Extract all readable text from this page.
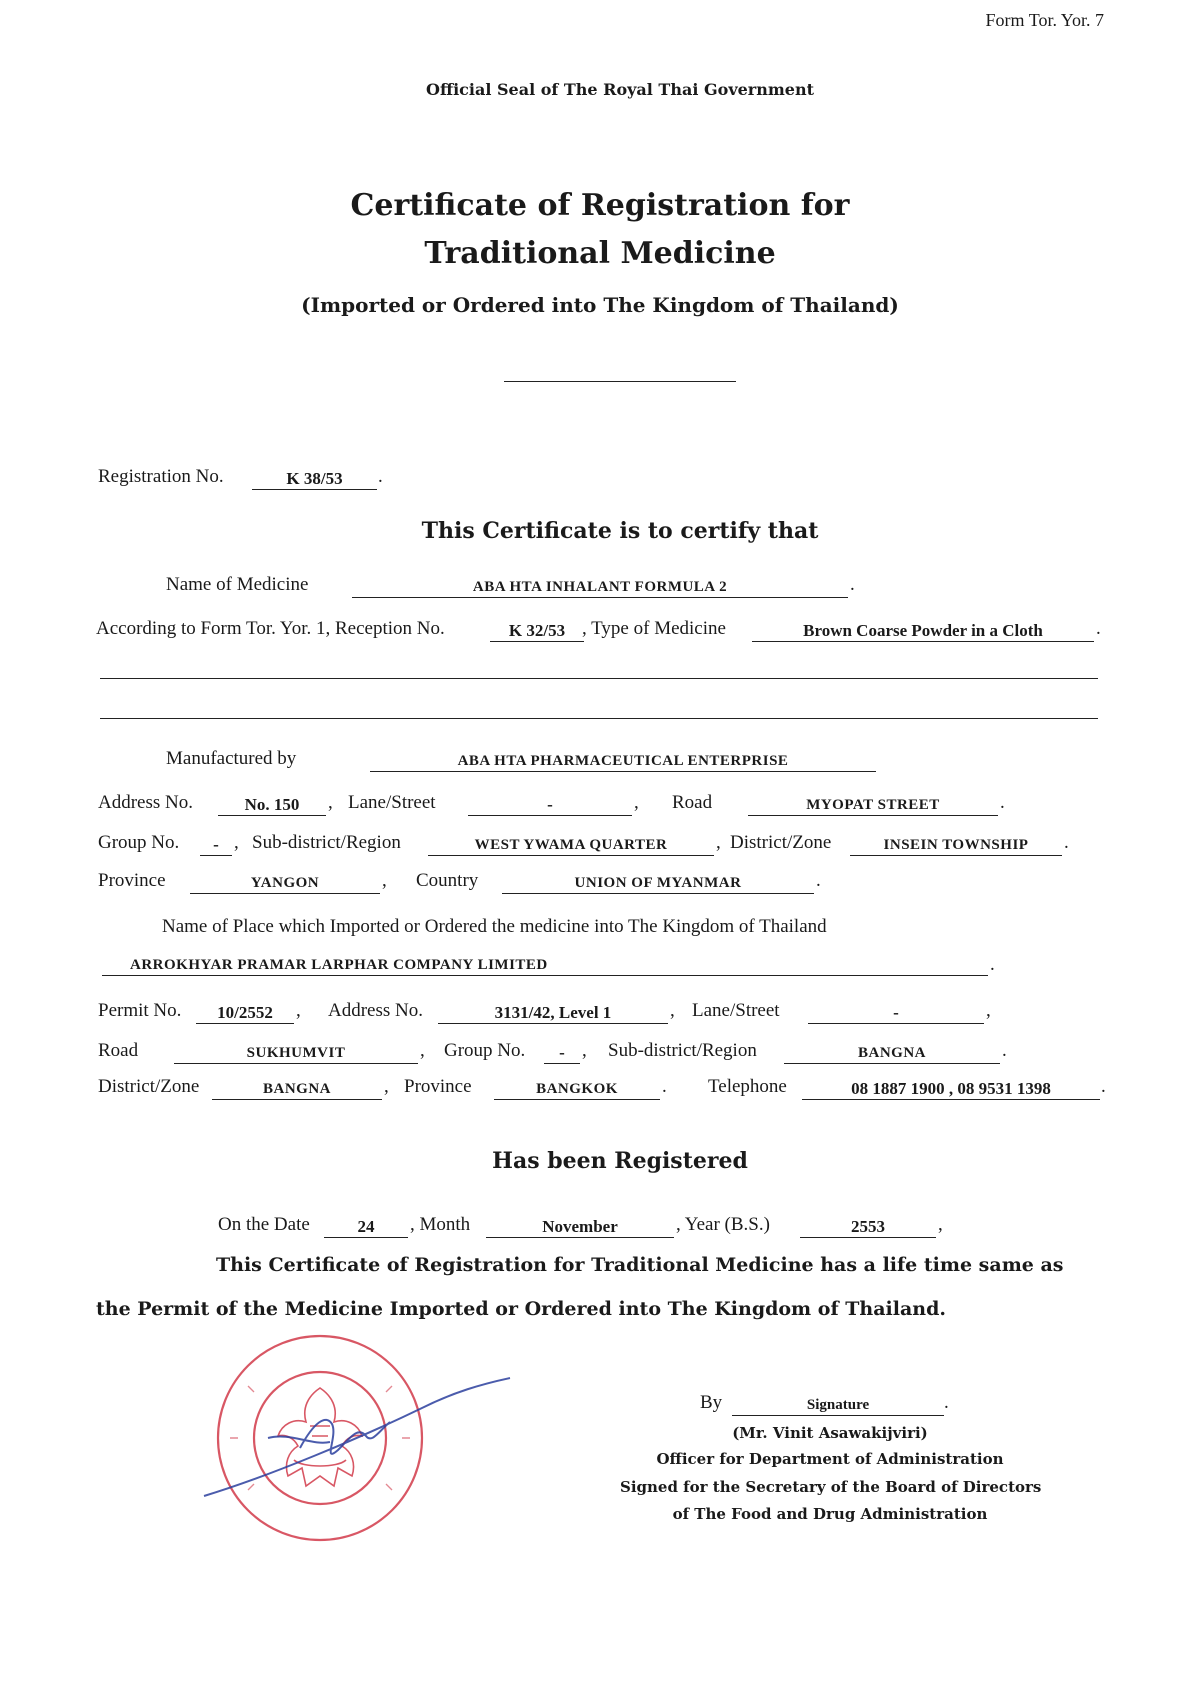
Form Tor. Yor. 7
Official Seal of The Royal Thai Government
Certificate of Registration for
Traditional Medicine
(Imported or Ordered into The Kingdom of Thailand)
Registration No.	K 38/53	.
This Certificate is to certify that
Name of Medicine	ABA HTA INHALANT FORMULA 2	.
According to Form Tor. Yor. 1, Reception No.	K 32/53 , Type of Medicine	Brown Coarse Powder in a Cloth	.
Manufactured by	ABA HTA PHARMACEUTICAL ENTERPRISE
Address No.	No. 150	, Lane/Street	-	, Road	MYOPAT STREET	.
Group No.	- , Sub-district/Region	WEST YWAMA QUARTER	, District/Zone	INSEIN TOWNSHIP	.
Province	YANGON	, Country	UNION OF MYANMAR	.
Name of Place which Imported or Ordered the medicine into The Kingdom of Thailand
ARROKHYAR PRAMAR LARPHAR COMPANY LIMITED	.
Permit No.	10/2552	, Address No.	3131/42, Level 1	, Lane/Street	-	,
Road	SUKHUMVIT	, Group No.	- , Sub-district/Region	BANGNA	.
District/Zone	BANGNA	, Province	BANGKOK	. Telephone	08 1887 1900 , 08 9531 1398	.
Has been Registered
On the Date	24	, Month	November	, Year (B.S.)	2553	,
This Certificate of Registration for Traditional Medicine has a life time same as
the Permit of the Medicine Imported or Ordered into The Kingdom of Thailand.
By	Signature	.
(Mr. Vinit Asawakijviri)
Officer for Department of Administration
Signed for the Secretary of the Board of Directors
of The Food and Drug Administration
